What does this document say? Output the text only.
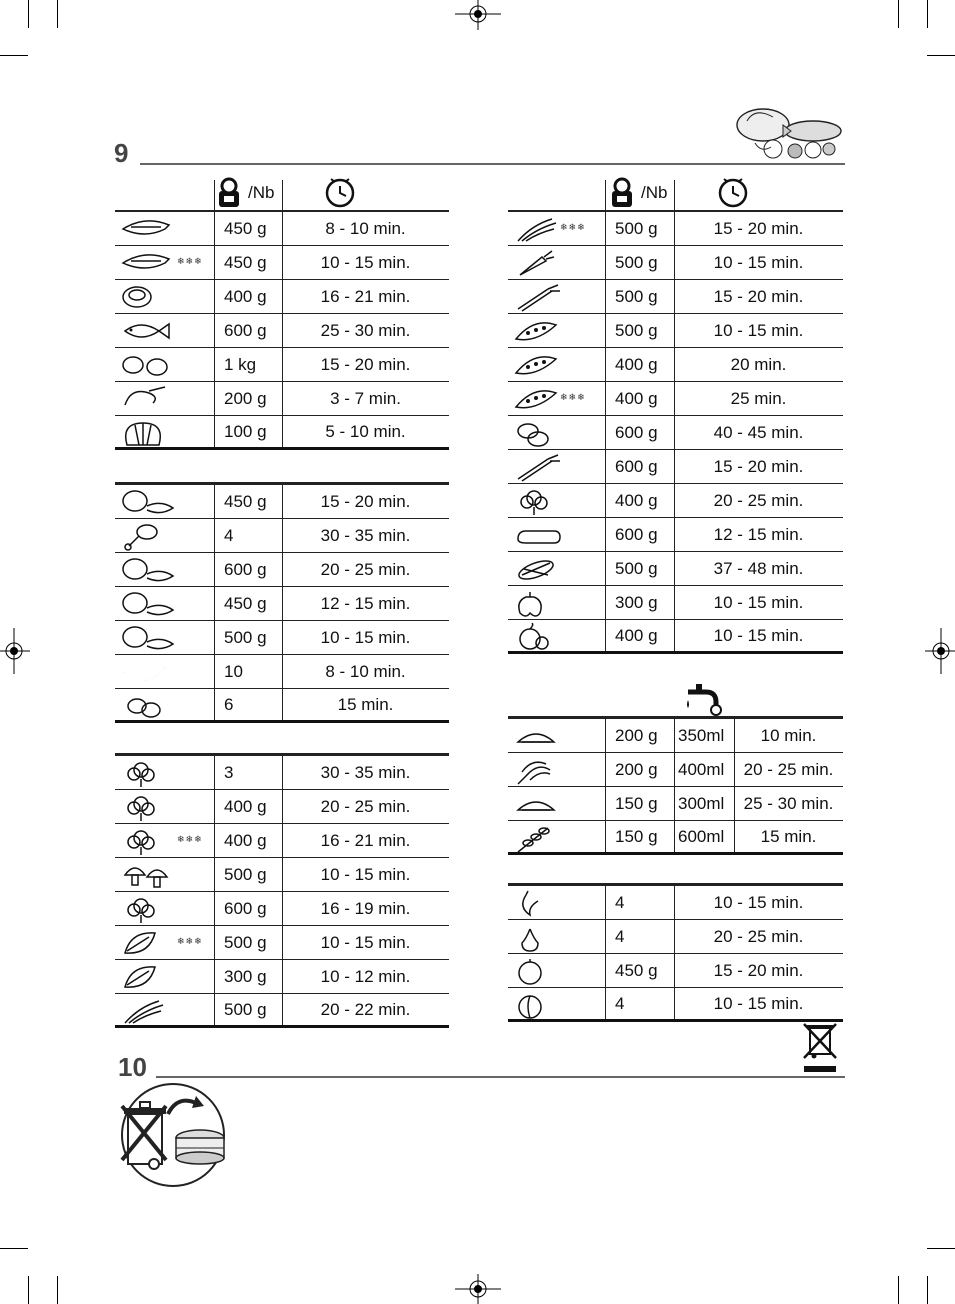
9
/Nb
450 g	8 - 10 min.
❄❄❄ 450 g	10 - 15 min.
400 g	16 - 21 min.
600 g	25 - 30 min.
1 kg	15 - 20 min.
200 g	3 - 7 min.
100 g	5 - 10 min.
450 g	15 - 20 min.
4	30 - 35 min.
600 g	20 - 25 min.
450 g	12 - 15 min.
500 g	10 - 15 min.
10	8 - 10 min.
6	15 min.
3	30 - 35 min.
400 g	20 - 25 min.
❄❄❄ 400 g	16 - 21 min.
500 g	10 - 15 min.
600 g	16 - 19 min.
❄❄❄ 500 g	10 - 15 min.
300 g	10 - 12 min.
500 g	20 - 22 min.
/Nb
❄❄❄ 500 g	15 - 20 min.
500 g	10 - 15 min.
500 g	15 - 20 min.
500 g	10 - 15 min.
400 g	20 min.
❄❄❄ 400 g	25 min.
600 g	40 - 45 min.
600 g	15 - 20 min.
400 g	20 - 25 min.
600 g	12 - 15 min.
500 g	37 - 48 min.
300 g	10 - 15 min.
400 g	10 - 15 min.
200 g 350ml	10 min.
200 g 400ml	20 - 25 min.
150 g 300ml	25 - 30 min.
150 g 600ml	15 min.
4	10 - 15 min.
4	20 - 25 min.
450 g	15 - 20 min.
4	10 - 15 min.
10
